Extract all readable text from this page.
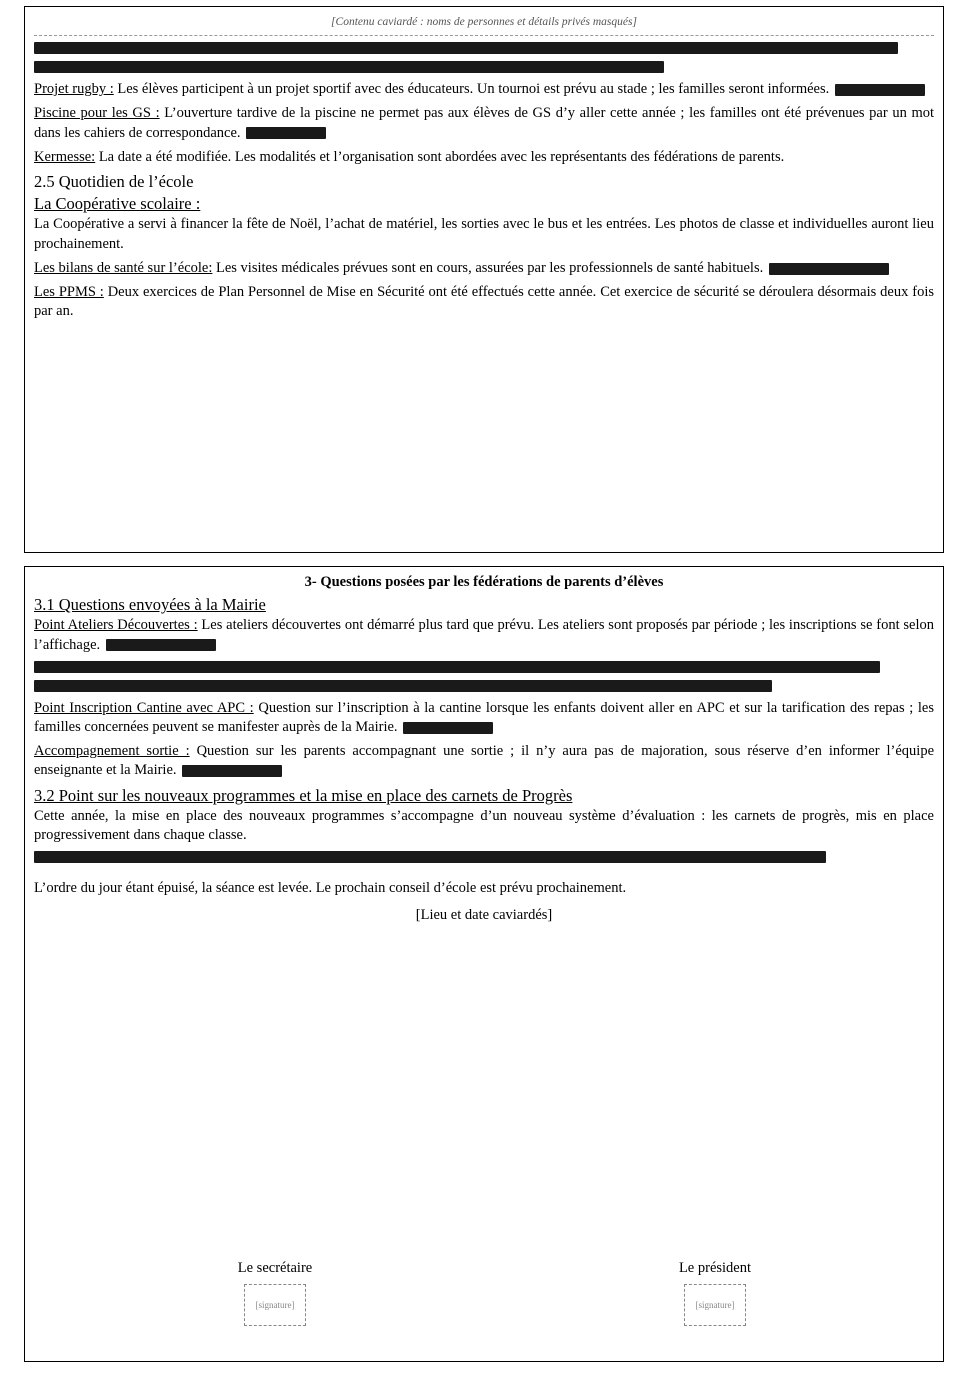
[Contenu caviardé : noms de personnes et détails privés masqués]

Projet rugby : Les élèves participent à un projet sportif avec des éducateurs. Un tournoi est prévu au stade ; les familles seront informées.

Piscine pour les GS : L’ouverture tardive de la piscine ne permet pas aux élèves de GS d’y aller cette année ; les familles ont été prévenues par un mot dans les cahiers de correspondance.

Kermesse: La date a été modifiée. Les modalités et l’organisation sont abordées avec les représentants des fédérations de parents.

2.5 Quotidien de l’école
La Coopérative scolaire :

La Coopérative a servi à financer la fête de Noël, l’achat de matériel, les sorties avec le bus et les entrées. Les photos de classe et individuelles auront lieu prochainement.

Les bilans de santé sur l’école: Les visites médicales prévues sont en cours, assurées par les professionnels de santé habituels.

Les PPMS : Deux exercices de Plan Personnel de Mise en Sécurité ont été effectués cette année. Cet exercice de sécurité se déroulera désormais deux fois par an.

3- Questions posées par les fédérations de parents d’élèves
3.1 Questions envoyées à la Mairie

Point Ateliers Découvertes : Les ateliers découvertes ont démarré plus tard que prévu. Les ateliers sont proposés par période ; les inscriptions se font selon l’affichage.

Point Inscription Cantine avec APC : Question sur l’inscription à la cantine lorsque les enfants doivent aller en APC et sur la tarification des repas ; les familles concernées peuvent se manifester auprès de la Mairie.

Accompagnement sortie : Question sur les parents accompagnant une sortie ; il n’y aura pas de majoration, sous réserve d’en informer l’équipe enseignante et la Mairie.

3.2 Point sur les nouveaux programmes et la mise en place des carnets de Progrès

Cette année, la mise en place des nouveaux programmes s’accompagne d’un nouveau système d’évaluation : les carnets de progrès, mis en place progressivement dans chaque classe.

L’ordre du jour étant épuisé, la séance est levée. Le prochain conseil d’école est prévu prochainement.

[Lieu et date caviardés]
Le secrétaire
[signature]
Le président
[signature]
